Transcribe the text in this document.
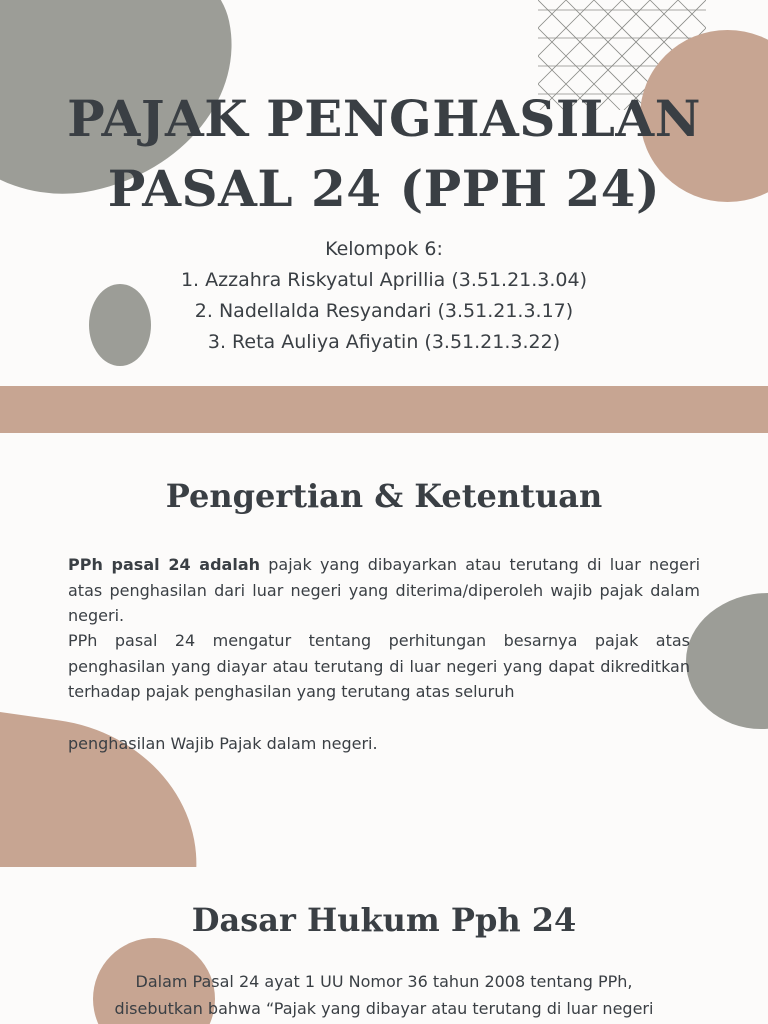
PAJAK PENGHASILAN
PASAL 24 (PPH 24)
Kelompok 6:
1. Azzahra Riskyatul Aprillia (3.51.21.3.04)
2. Nadellalda Resyandari (3.51.21.3.17)
3. Reta Auliya Afiyatin (3.51.21.3.22)
Pengertian & Ketentuan
PPh pasal 24 adalah pajak yang dibayarkan atau terutang di luar negeri atas penghasilan dari luar negeri yang diterima/diperoleh wajib pajak dalam negeri.
PPh pasal 24 mengatur tentang perhitungan besarnya pajak atas penghasilan yang diayar atau terutang di luar negeri yang dapat dikreditkan terhadap pajak penghasilan yang terutang atas seluruh
penghasilan Wajib Pajak dalam negeri.
Dasar Hukum Pph 24
Dalam Pasal 24 ayat 1 UU Nomor 36 tahun 2008 tentang PPh,
disebutkan bahwa “Pajak yang dibayar atau terutang di luar negeri
